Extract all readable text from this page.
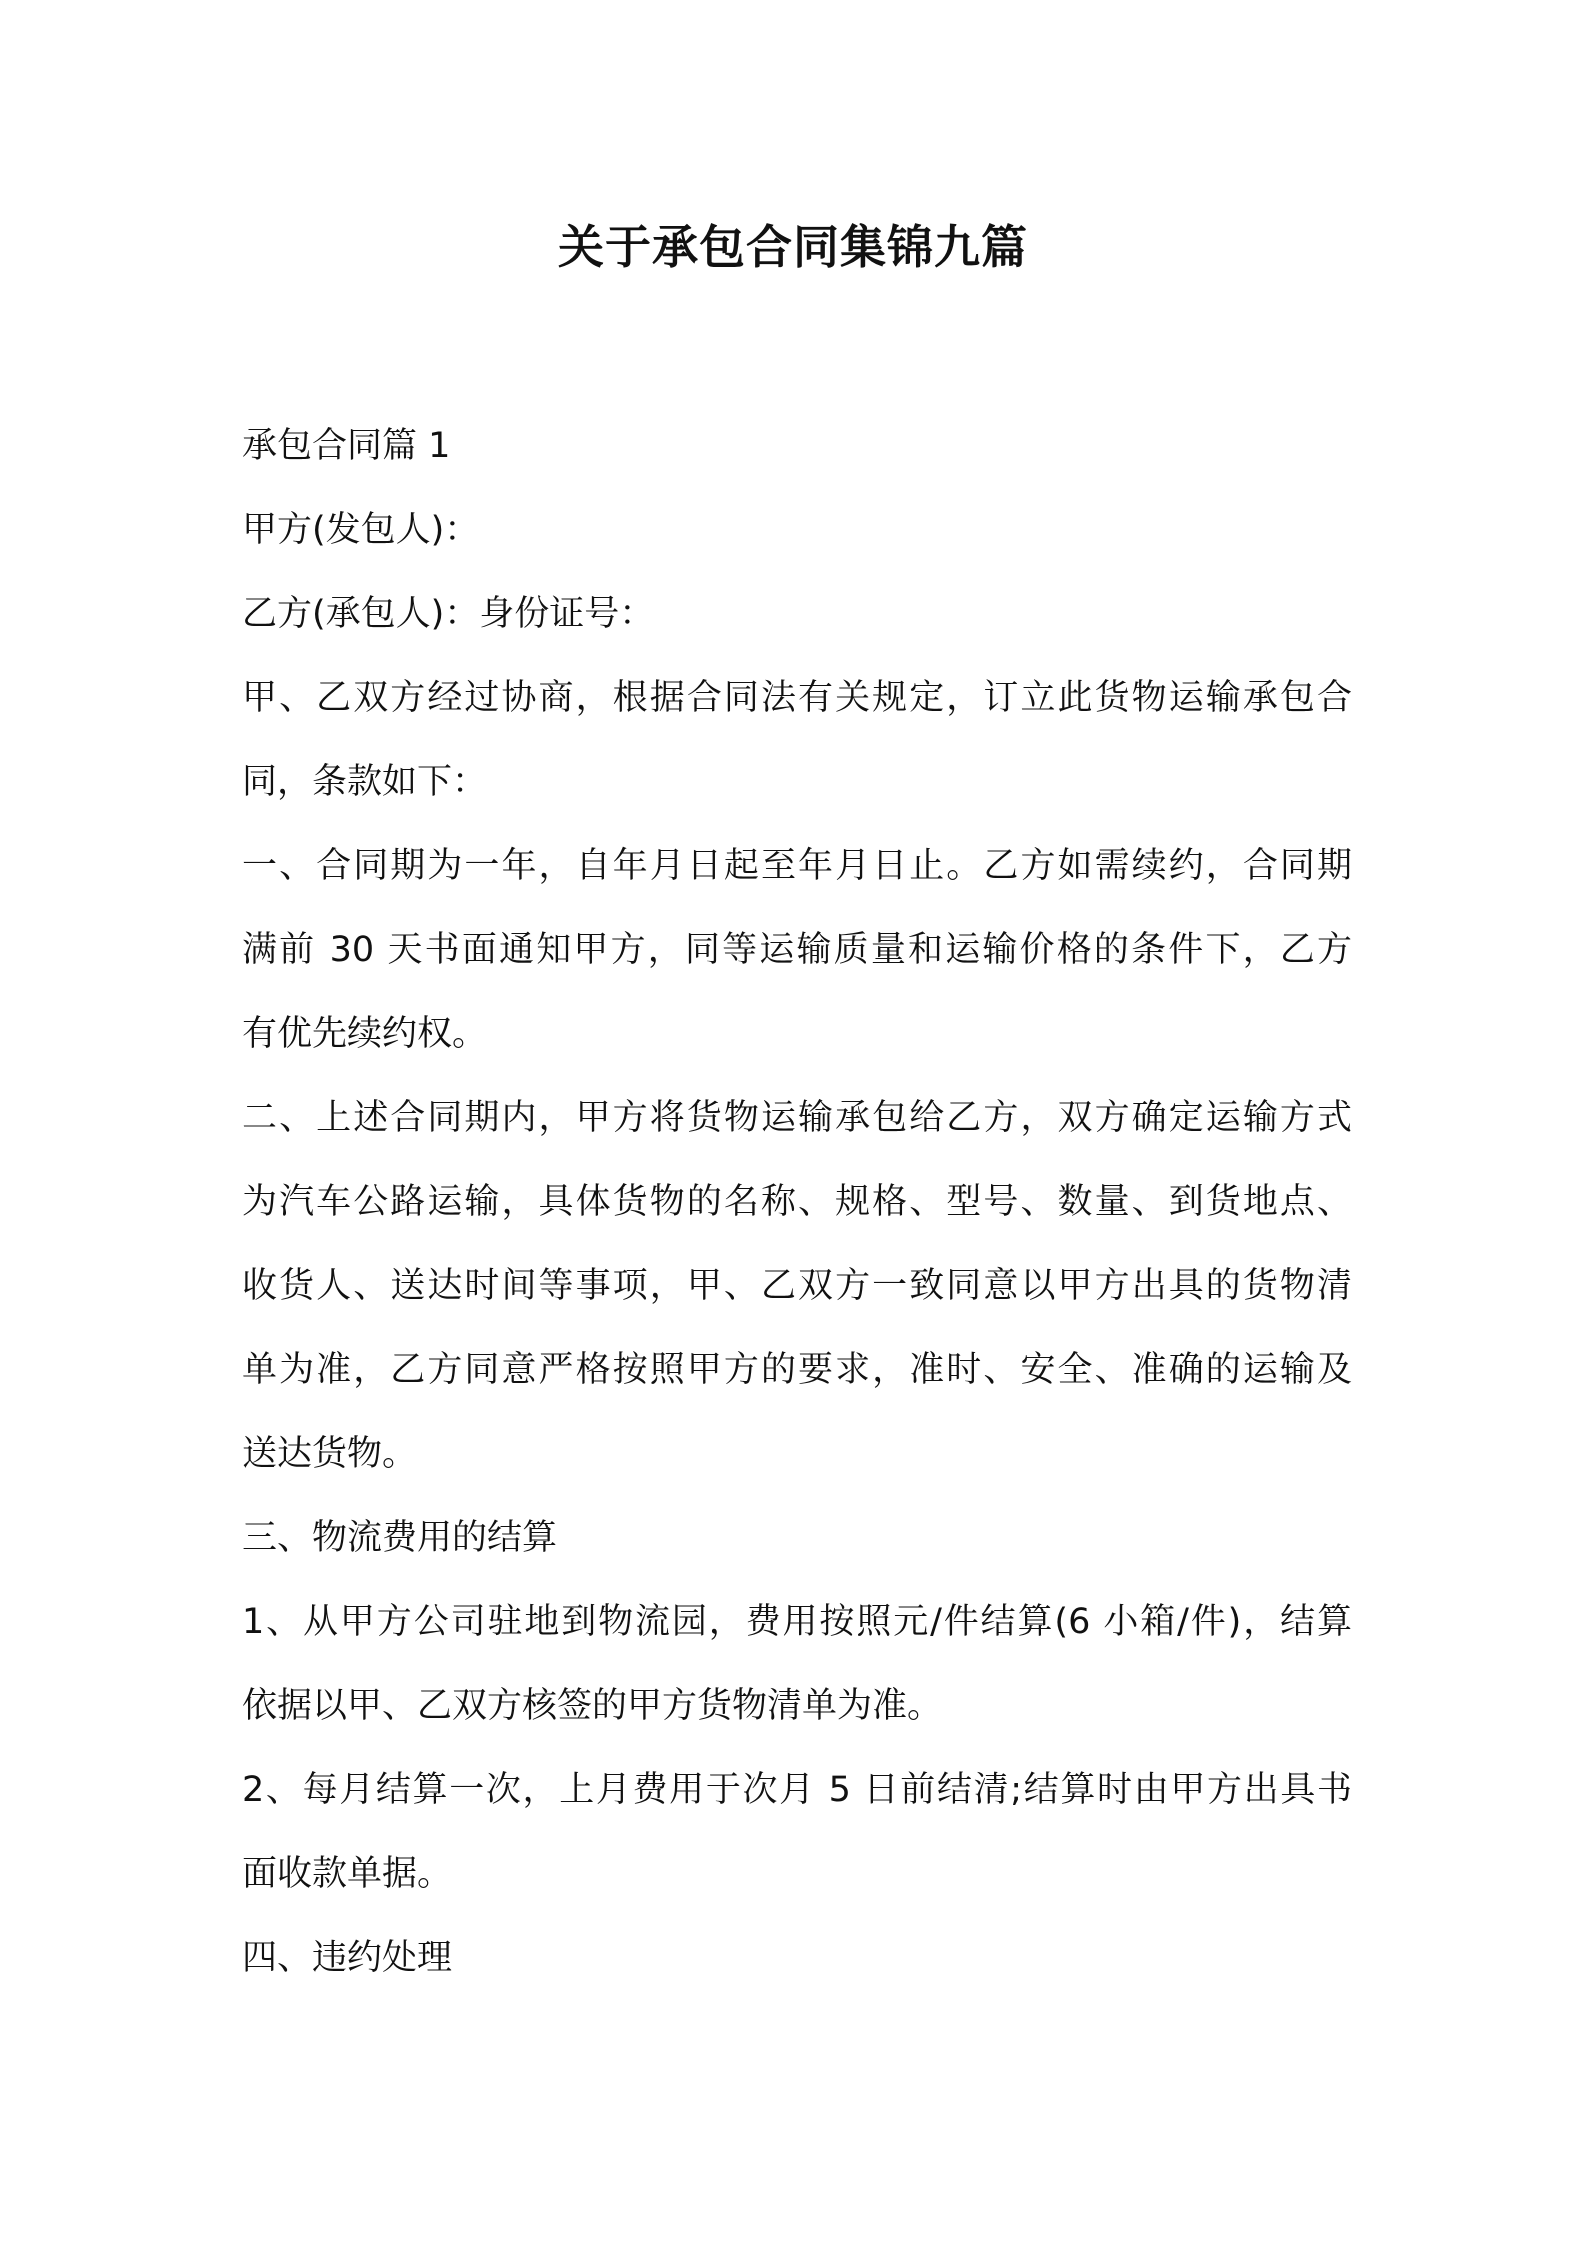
关于承包合同集锦九篇
承包合同篇 1
甲方(发包人)：
乙方(承包人)：身份证号：
甲、乙双方经过协商，根据合同法有关规定，订立此货物运输承包合
同，条款如下：
一、合同期为一年，自年月日起至年月日止。乙方如需续约，合同期
满前 30 天书面通知甲方，同等运输质量和运输价格的条件下，乙方
有优先续约权。
二、上述合同期内，甲方将货物运输承包给乙方，双方确定运输方式
为汽车公路运输，具体货物的名称、规格、型号、数量、到货地点、
收货人、送达时间等事项，甲、乙双方一致同意以甲方出具的货物清
单为准，乙方同意严格按照甲方的要求，准时、安全、准确的运输及
送达货物。
三、物流费用的结算
1、从甲方公司驻地到物流园，费用按照元/件结算(6 小箱/件)，结算
依据以甲、乙双方核签的甲方货物清单为准。
2、每月结算一次，上月费用于次月 5 日前结清;结算时由甲方出具书
面收款单据。
四、违约处理
